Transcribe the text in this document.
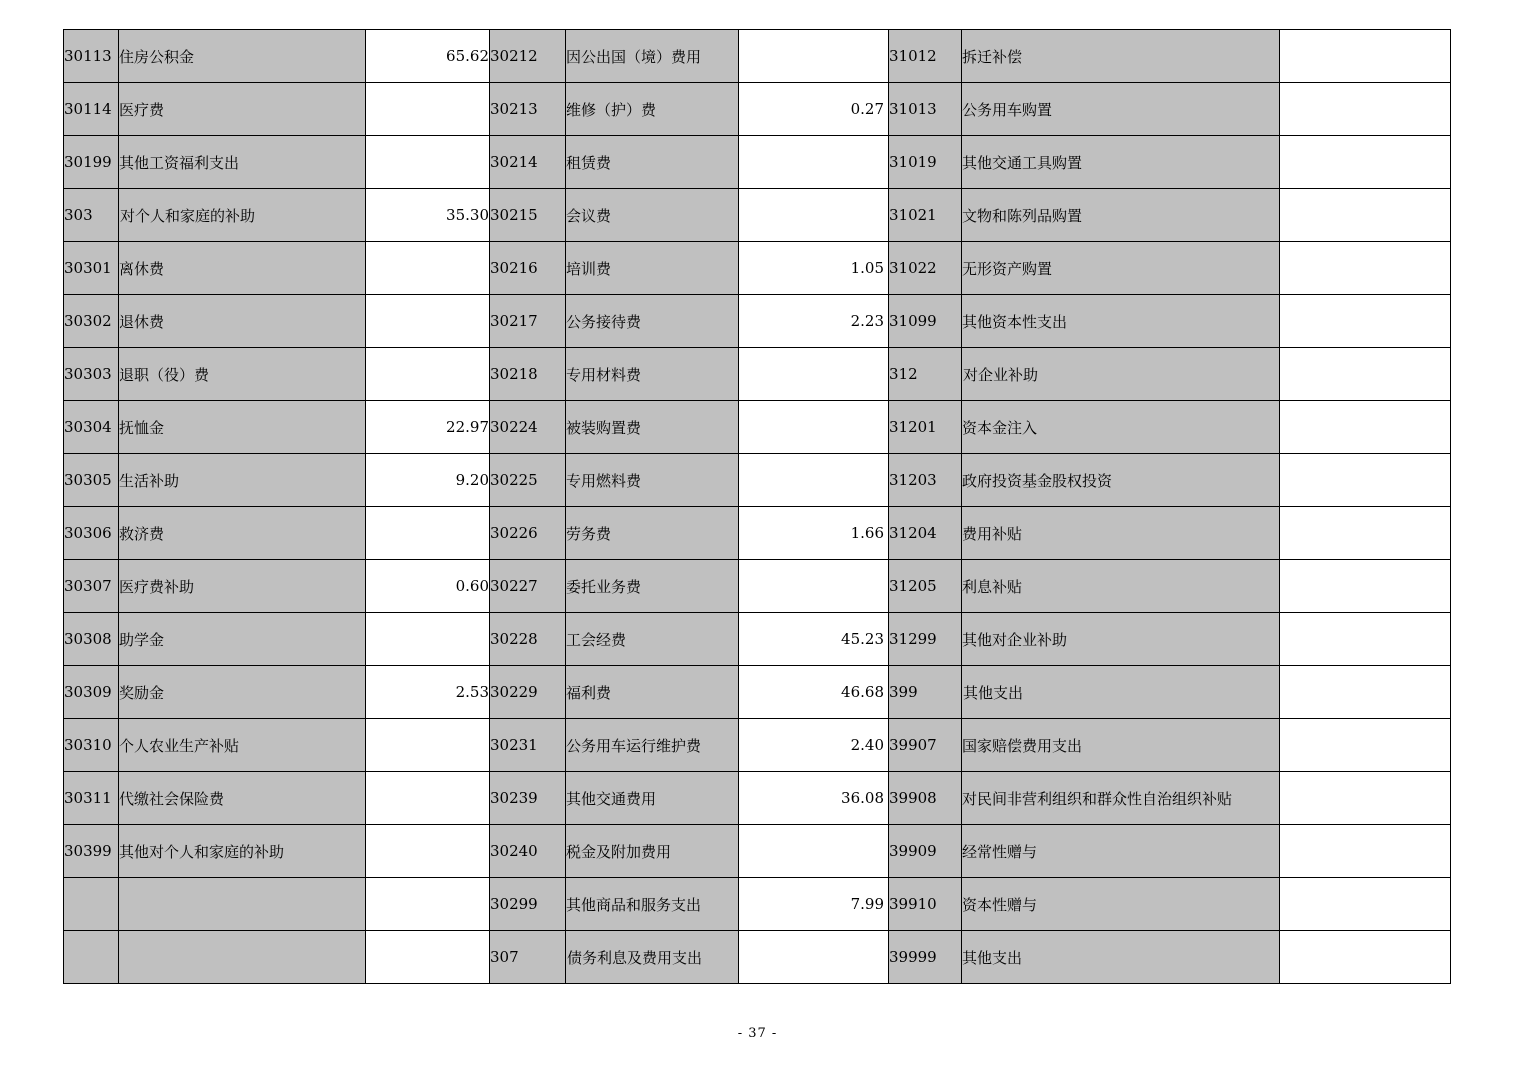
30113	住房公积金	65.62	30212	因公出国（境）费用		31012	拆迁补偿	
30114	医疗费		30213	维修（护）费	0.27	31013	公务用车购置	
30199	其他工资福利支出		30214	租赁费		31019	其他交通工具购置	
303	对个人和家庭的补助	35.30	30215	会议费		31021	文物和陈列品购置	
30301	离休费		30216	培训费	1.05	31022	无形资产购置	
30302	退休费		30217	公务接待费	2.23	31099	其他资本性支出	
30303	退职（役）费		30218	专用材料费		312	对企业补助	
30304	抚恤金	22.97	30224	被装购置费		31201	资本金注入	
30305	生活补助	9.20	30225	专用燃料费		31203	政府投资基金股权投资	
30306	救济费		30226	劳务费	1.66	31204	费用补贴	
30307	医疗费补助	0.60	30227	委托业务费		31205	利息补贴	
30308	助学金		30228	工会经费	45.23	31299	其他对企业补助	
30309	奖励金	2.53	30229	福利费	46.68	399	其他支出	
30310	个人农业生产补贴		30231	公务用车运行维护费	2.40	39907	国家赔偿费用支出	
30311	代缴社会保险费		30239	其他交通费用	36.08	39908	对民间非营利组织和群众性自治组织补贴	
30399	其他对个人和家庭的补助		30240	税金及附加费用		39909	经常性赠与	
			30299	其他商品和服务支出	7.99	39910	资本性赠与	
			307	债务利息及费用支出		39999	其他支出	
- 37 -
